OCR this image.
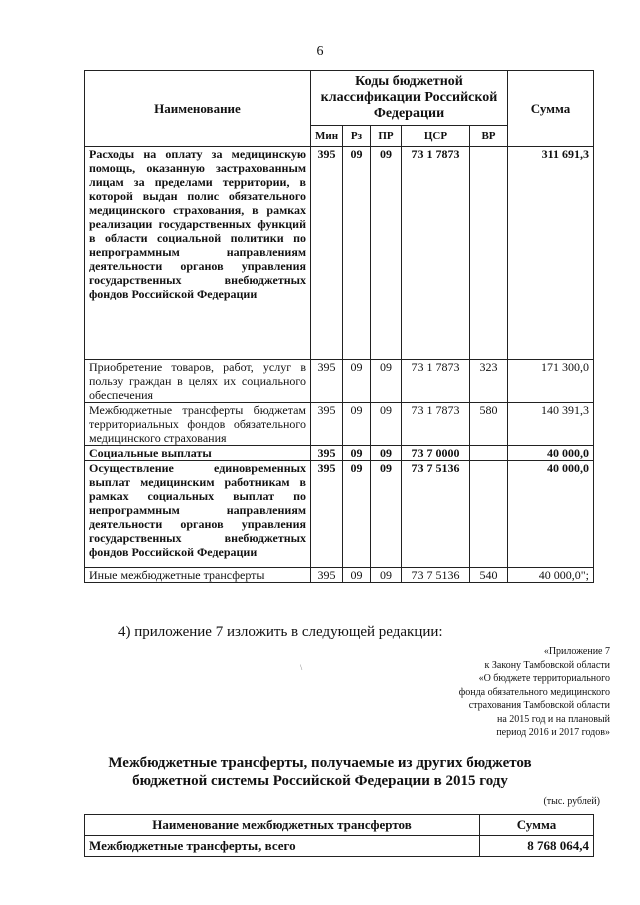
6
Наименование	Коды бюджетной классификации Российской Федерации					Сумма
	Мин	Рз	ПР	ЦСР	ВР	
Расходы на оплату за медицинскую помощь, оказанную застрахованным лицам за пределами территории, в которой выдан полис обязательного медицинского страхования, в рамках реализации государственных функций в области социальной политики по непрограммным направлениям деятельности органов управления государственных внебюджетных фондов Российской Федерации	395	09	09	73 1 7873		311 691,3
Приобретение товаров, работ, услуг в пользу граждан в целях их социального обеспечения	395	09	09	73 1 7873	323	171 300,0
Межбюджетные трансферты бюджетам территориальных фондов обязательного медицинского страхования	395	09	09	73 1 7873	580	140 391,3
Социальные выплаты	395	09	09	73 7 0000		40 000,0
Осуществление единовременных выплат медицинским работникам в рамках социальных выплат по непрограммным направлениям деятельности органов управления государственных внебюджетных фондов Российской Федерации	395	09	09	73 7 5136		40 000,0
Иные межбюджетные трансферты	395	09	09	73 7 5136	540	40 000,0";
4) приложение 7 изложить в следующей редакции:
\
«Приложение 7
к Закону Тамбовской области
«О бюджете территориального
фонда обязательного медицинского
страхования Тамбовской области
на 2015 год и на плановый
период 2016 и 2017 годов»
Межбюджетные трансферты, получаемые из других бюджетов
бюджетной системы Российской Федерации в 2015 году
(тыс. рублей)
Наименование межбюджетных трансфертов	Сумма
Межбюджетные трансферты, всего	8 768 064,4
